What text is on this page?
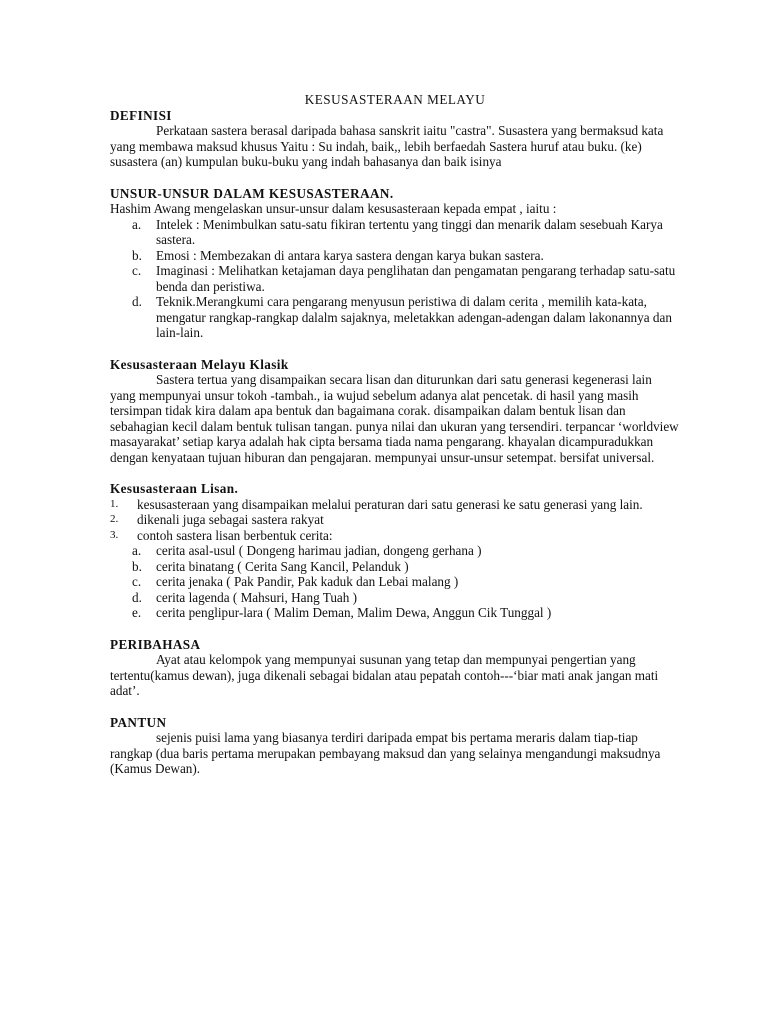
KESUSASTERAAN MELAYU

DEFINISI

Perkataan sastera berasal daripada bahasa sanskrit iaitu "castra". Susastera yang bermaksud kata yang membawa maksud khusus Yaitu : Su indah, baik,, lebih berfaedah Sastera huruf atau buku. (ke) susastera (an) kumpulan buku-buku yang indah bahasanya dan baik isinya

UNSUR-UNSUR DALAM KESUSASTERAAN.

Hashim Awang mengelaskan unsur-unsur dalam kesusasteraan kepada empat , iaitu :

a. Intelek : Menimbulkan satu-satu fikiran tertentu yang tinggi dan menarik dalam sesebuah Karya sastera.
b. Emosi : Membezakan di antara karya sastera dengan karya bukan sastera.
c. Imaginasi : Melihatkan ketajaman daya penglihatan dan pengamatan pengarang terhadap satu-satu benda dan peristiwa.
d. Teknik.Merangkumi cara pengarang menyusun peristiwa di dalam cerita , memilih kata-kata, mengatur rangkap-rangkap dalalm sajaknya, meletakkan adengan-adengan dalam lakonannya dan lain-lain.

Kesusasteraan Melayu Klasik

Sastera tertua yang disampaikan secara lisan dan diturunkan dari satu generasi kegenerasi lain yang mempunyai unsur tokoh -tambah., ia wujud sebelum adanya alat pencetak. di hasil yang masih tersimpan tidak kira dalam apa bentuk dan bagaimana corak. disampaikan dalam bentuk lisan dan sebahagian kecil dalam bentuk tulisan tangan. punya nilai dan ukuran yang tersendiri. terpancar ‘worldview masayarakat’ setiap karya adalah hak cipta bersama tiada nama pengarang. khayalan dicampuradukkan dengan kenyataan tujuan hiburan dan pengajaran. mempunyai unsur-unsur setempat. bersifat universal.

Kesusasteraan Lisan.

1. kesusasteraan yang disampaikan melalui peraturan dari satu generasi ke satu generasi yang lain.
2. dikenali juga sebagai sastera rakyat
3. contoh sastera lisan berbentuk cerita:
a. cerita asal-usul ( Dongeng harimau jadian, dongeng gerhana )
b. cerita binatang ( Cerita Sang Kancil, Pelanduk )
c. cerita jenaka ( Pak Pandir, Pak kaduk dan Lebai malang )
d. cerita lagenda ( Mahsuri, Hang Tuah )
e. cerita penglipur-lara ( Malim Deman, Malim Dewa, Anggun Cik Tunggal )

PERIBAHASA

Ayat atau kelompok yang mempunyai susunan yang tetap dan mempunyai pengertian yang tertentu(kamus dewan), juga dikenali sebagai bidalan atau pepatah contoh---‘biar mati anak jangan mati adat’.

PANTUN

sejenis puisi lama yang biasanya terdiri daripada empat bis pertama meraris dalam tiap-tiap rangkap (dua baris pertama merupakan pembayang maksud dan yang selainya mengandungi maksudnya (Kamus Dewan).
